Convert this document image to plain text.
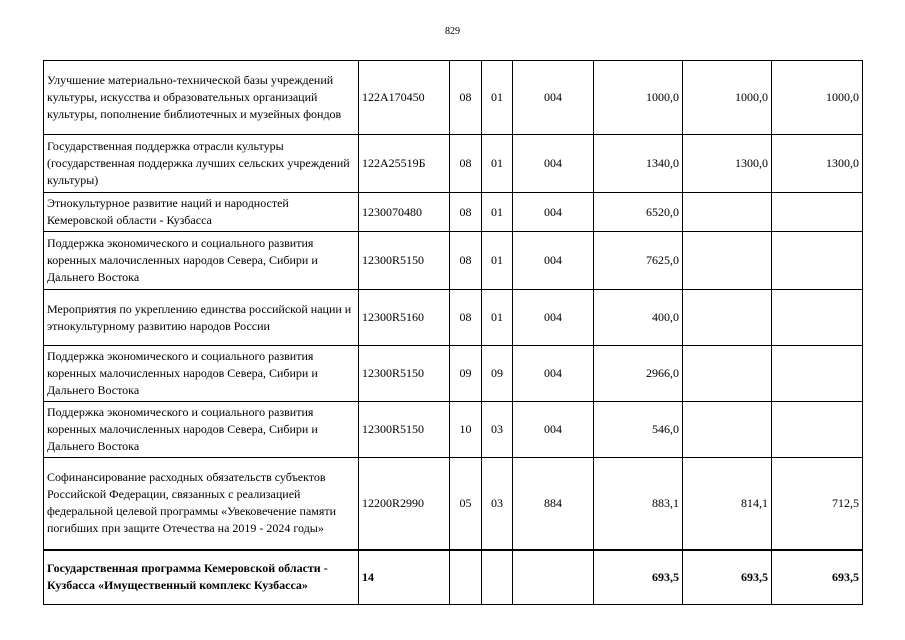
829
Улучшение материально-технической базы учреждений культуры, искусства и образовательных организаций культуры, пополнение библиотечных и музейных фондов	122А170450	08	01	004	1000,0	1000,0	1000,0
Государственная поддержка отрасли культуры (государственная поддержка лучших сельских учреждений культуры)	122А25519Б	08	01	004	1340,0	1300,0	1300,0
Этнокультурное развитие наций и народностей Кемеровской области - Кузбасса	1230070480	08	01	004	6520,0		
Поддержка экономического и социального развития коренных малочисленных народов Севера, Сибири и Дальнего Востока	12300R5150	08	01	004	7625,0		
Мероприятия по укреплению единства российской нации и этнокультурному развитию народов России	12300R5160	08	01	004	400,0		
Поддержка экономического и социального развития коренных малочисленных народов Севера, Сибири и Дальнего Востока	12300R5150	09	09	004	2966,0		
Поддержка экономического и социального развития коренных малочисленных народов Севера, Сибири и Дальнего Востока	12300R5150	10	03	004	546,0		
Софинансирование расходных обязательств субъектов Российской Федерации, связанных с реализацией федеральной целевой программы «Увековечение памяти погибших при защите Отечества на 2019 - 2024 годы»	12200R2990	05	03	884	883,1	814,1	712,5
Государственная программа Кемеровской области - Кузбасса «Имущественный комплекс Кузбасса»	14				693,5	693,5	693,5
